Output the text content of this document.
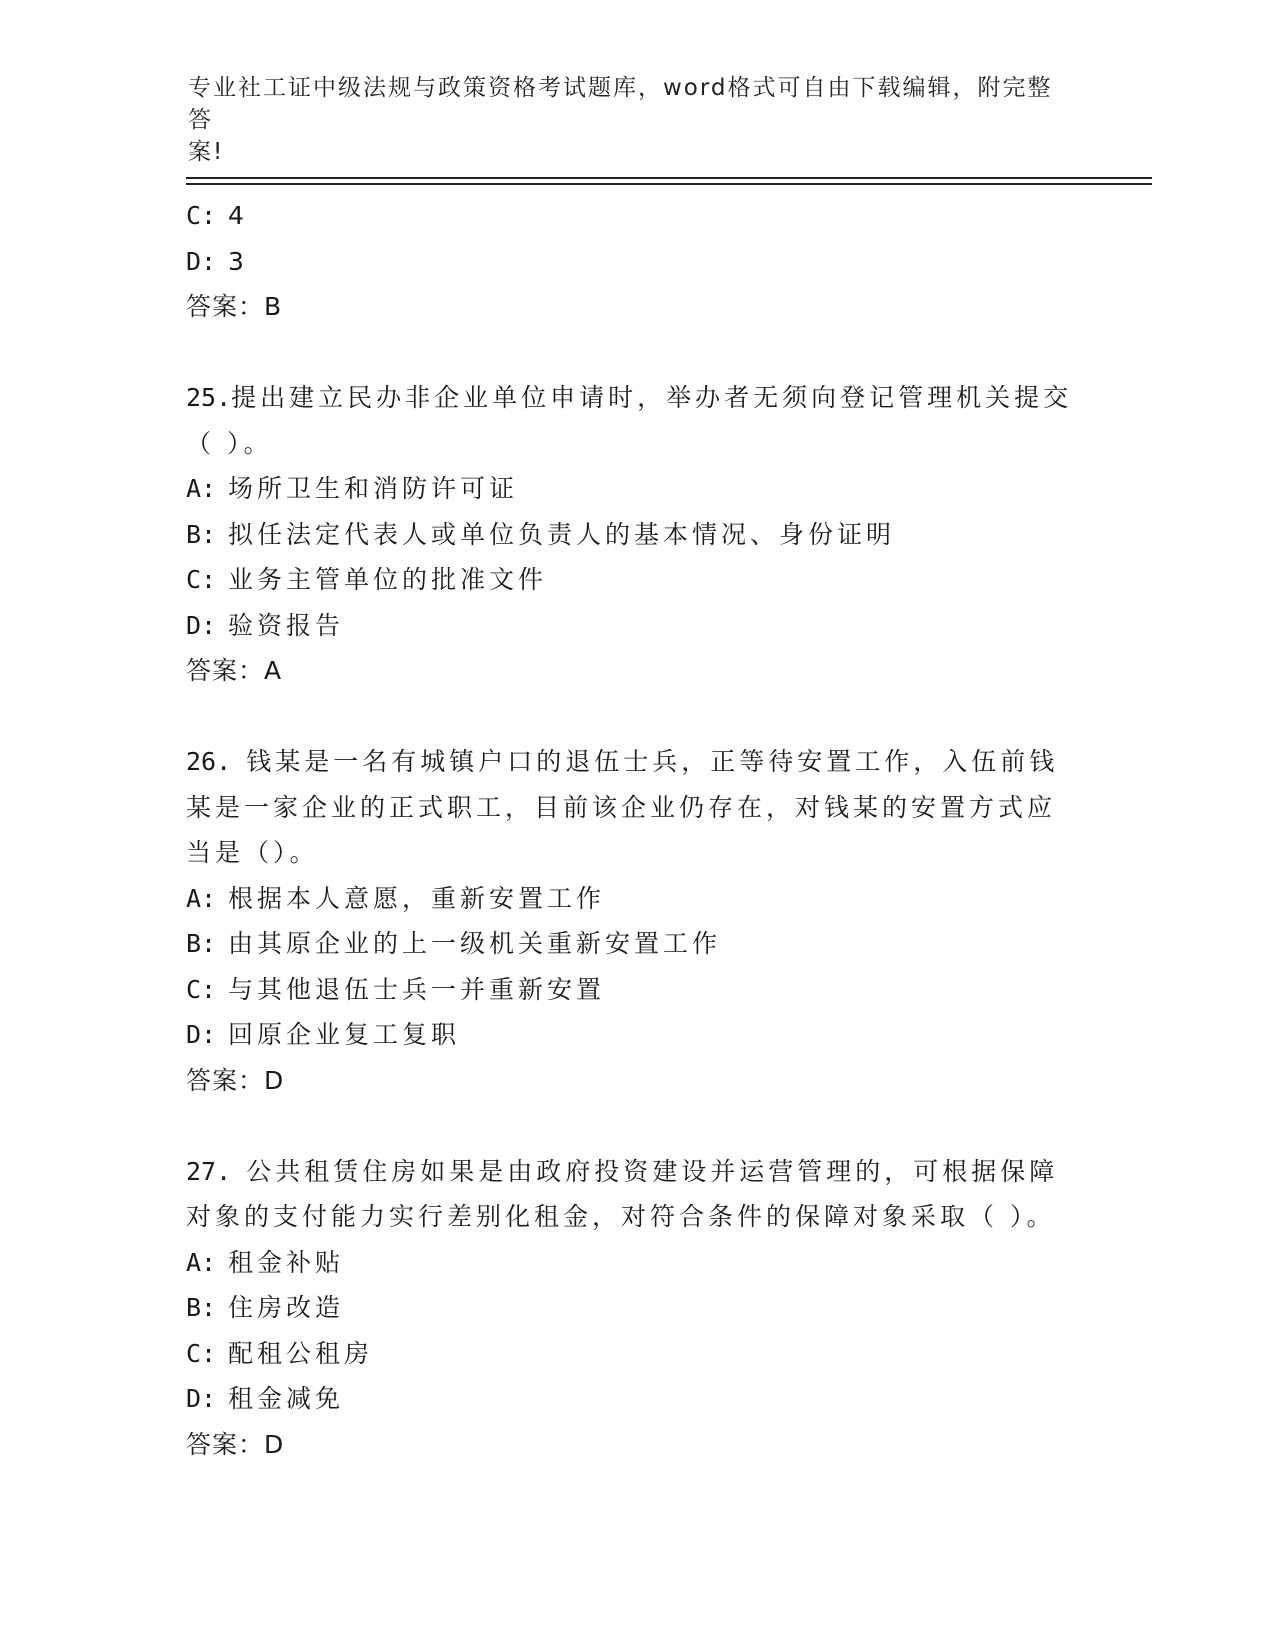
专业社工证中级法规与政策资格考试题库，word格式可自由下载编辑，附完整答
案!
C: 4
D: 3
答案：B
25.提出建立民办非企业单位申请时，举办者无须向登记管理机关提交
（ ）。
A: 场所卫生和消防许可证
B: 拟任法定代表人或单位负责人的基本情况、身份证明
C: 业务主管单位的批准文件
D: 验资报告
答案：A
26. 钱某是一名有城镇户口的退伍士兵，正等待安置工作，入伍前钱
某是一家企业的正式职工，目前该企业仍存在，对钱某的安置方式应
当是（）。
A: 根据本人意愿，重新安置工作
B: 由其原企业的上一级机关重新安置工作
C: 与其他退伍士兵一并重新安置
D: 回原企业复工复职
答案：D
27. 公共租赁住房如果是由政府投资建设并运营管理的，可根据保障
对象的支付能力实行差别化租金，对符合条件的保障对象采取（ ）。
A: 租金补贴
B: 住房改造
C: 配租公租房
D: 租金减免
答案：D
